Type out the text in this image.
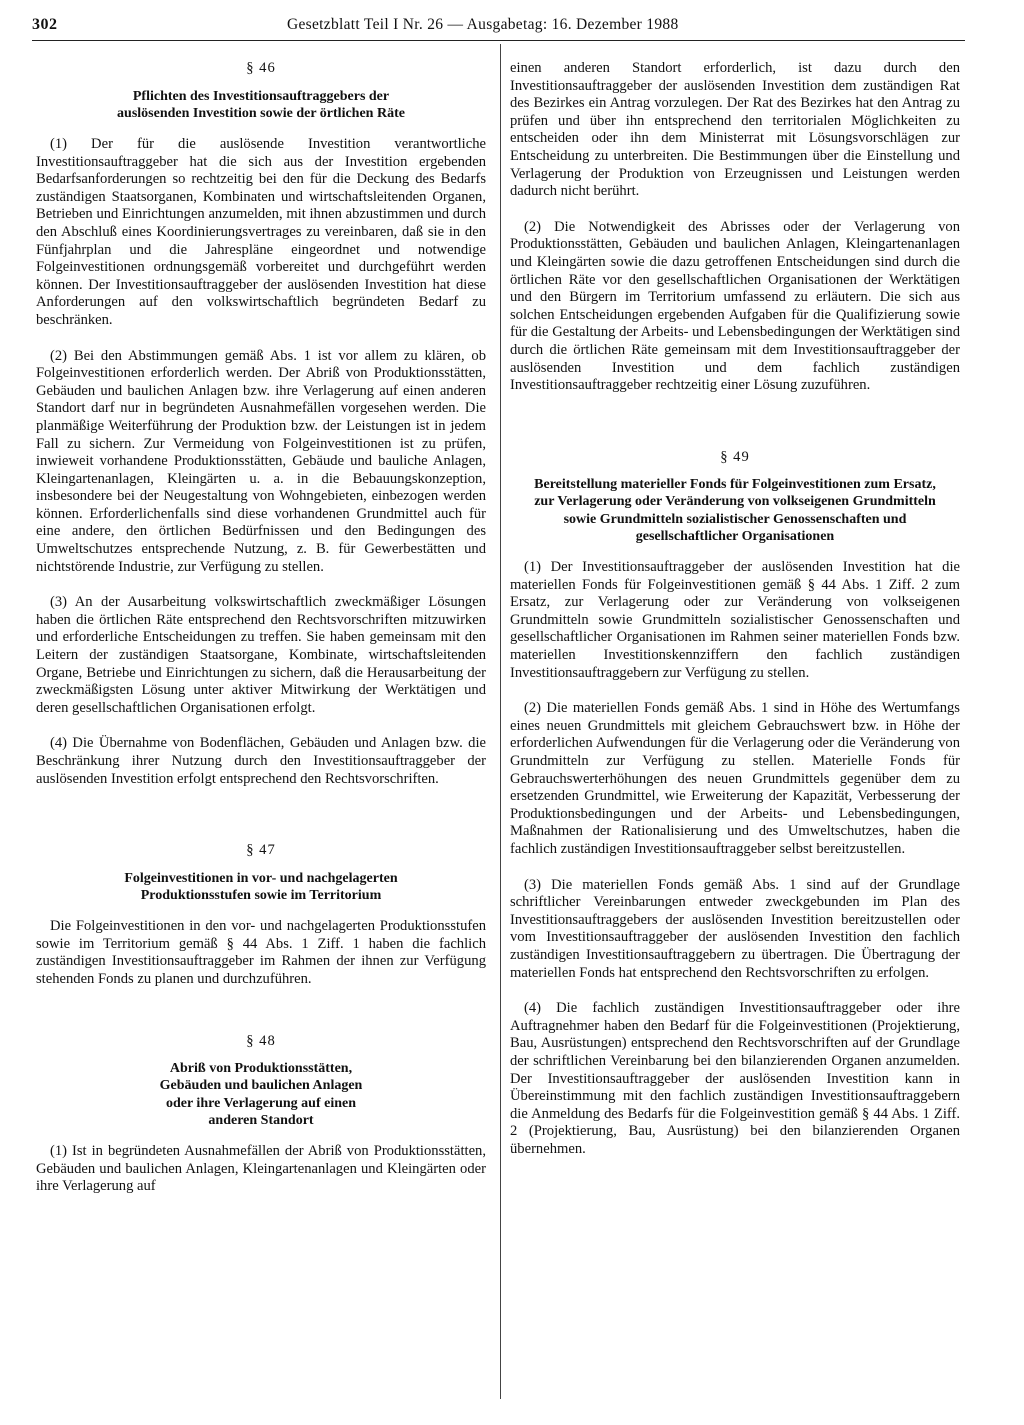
302	Gesetzblatt Teil I Nr. 26 — Ausgabetag: 16. Dezember 1988
§ 46
Pflichten des Investitionsauftraggebers der auslösenden Investition sowie der örtlichen Räte

(1) Der für die auslösende Investition verantwortliche Investitionsauftraggeber hat die sich aus der Investition ergebenden Bedarfsanforderungen so rechtzeitig bei den für die Deckung des Bedarfs zuständigen Staatsorganen, Kombinaten und wirtschaftsleitenden Organen, Betrieben und Einrichtungen anzumelden, mit ihnen abzustimmen und durch den Abschluß eines Koordinierungsvertrages zu vereinbaren, daß sie in den Fünfjahrplan und die Jahrespläne eingeordnet und notwendige Folgeinvestitionen ordnungsgemäß vorbereitet und durchgeführt werden können. Der Investitionsauftraggeber der auslösenden Investition hat diese Anforderungen auf den volkswirtschaftlich begründeten Bedarf zu beschränken.

(2) Bei den Abstimmungen gemäß Abs. 1 ist vor allem zu klären, ob Folgeinvestitionen erforderlich werden. Der Abriß von Produktionsstätten, Gebäuden und baulichen Anlagen bzw. ihre Verlagerung auf einen anderen Standort darf nur in begründeten Ausnahmefällen vorgesehen werden. Die planmäßige Weiterführung der Produktion bzw. der Leistungen ist in jedem Fall zu sichern. Zur Vermeidung von Folgeinvestitionen ist zu prüfen, inwieweit vorhandene Produktionsstätten, Gebäude und bauliche Anlagen, Kleingartenanlagen, Kleingärten u. a. in die Bebauungskonzeption, insbesondere bei der Neugestaltung von Wohngebieten, einbezogen werden können. Erforderlichenfalls sind diese vorhandenen Grundmittel auch für eine andere, den örtlichen Bedürfnissen und den Bedingungen des Umweltschutzes entsprechende Nutzung, z. B. für Gewerbestätten und nichtstörende Industrie, zur Verfügung zu stellen.

(3) An der Ausarbeitung volkswirtschaftlich zweckmäßiger Lösungen haben die örtlichen Räte entsprechend den Rechtsvorschriften mitzuwirken und erforderliche Entscheidungen zu treffen. Sie haben gemeinsam mit den Leitern der zuständigen Staatsorgane, Kombinate, wirtschaftsleitenden Organe, Betriebe und Einrichtungen zu sichern, daß die Herausarbeitung der zweckmäßigsten Lösung unter aktiver Mitwirkung der Werktätigen und deren gesellschaftlichen Organisationen erfolgt.

(4) Die Übernahme von Bodenflächen, Gebäuden und Anlagen bzw. die Beschränkung ihrer Nutzung durch den Investitionsauftraggeber der auslösenden Investition erfolgt entsprechend den Rechtsvorschriften.

§ 47
Folgeinvestitionen in vor- und nachgelagerten Produktionsstufen sowie im Territorium

Die Folgeinvestitionen in den vor- und nachgelagerten Produktionsstufen sowie im Territorium gemäß § 44 Abs. 1 Ziff. 1 haben die fachlich zuständigen Investitionsauftraggeber im Rahmen der ihnen zur Verfügung stehenden Fonds zu planen und durchzuführen.

§ 48
Abriß von Produktionsstätten, Gebäuden und baulichen Anlagen oder ihre Verlagerung auf einen anderen Standort

(1) Ist in begründeten Ausnahmefällen der Abriß von Produktionsstätten, Gebäuden und baulichen Anlagen, Kleingartenanlagen und Kleingärten oder ihre Verlagerung auf

einen anderen Standort erforderlich, ist dazu durch den Investitionsauftraggeber der auslösenden Investition dem zuständigen Rat des Bezirkes ein Antrag vorzulegen. Der Rat des Bezirkes hat den Antrag zu prüfen und über ihn entsprechend den territorialen Möglichkeiten zu entscheiden oder ihn dem Ministerrat mit Lösungsvorschlägen zur Entscheidung zu unterbreiten. Die Bestimmungen über die Einstellung und Verlagerung der Produktion von Erzeugnissen und Leistungen werden dadurch nicht berührt.

(2) Die Notwendigkeit des Abrisses oder der Verlagerung von Produktionsstätten, Gebäuden und baulichen Anlagen, Kleingartenanlagen und Kleingärten sowie die dazu getroffenen Entscheidungen sind durch die örtlichen Räte vor den gesellschaftlichen Organisationen der Werktätigen und den Bürgern im Territorium umfassend zu erläutern. Die sich aus solchen Entscheidungen ergebenden Aufgaben für die Qualifizierung sowie für die Gestaltung der Arbeits- und Lebensbedingungen der Werktätigen sind durch die örtlichen Räte gemeinsam mit dem Investitionsauftraggeber der auslösenden Investition und dem fachlich zuständigen Investitionsauftraggeber rechtzeitig einer Lösung zuzuführen.

§ 49
Bereitstellung materieller Fonds für Folgeinvestitionen zum Ersatz, zur Verlagerung oder Veränderung von volkseigenen Grundmitteln sowie Grundmitteln sozialistischer Genossenschaften und gesellschaftlicher Organisationen

(1) Der Investitionsauftraggeber der auslösenden Investition hat die materiellen Fonds für Folgeinvestitionen gemäß § 44 Abs. 1 Ziff. 2 zum Ersatz, zur Verlagerung oder zur Veränderung von volkseigenen Grundmitteln sowie Grundmitteln sozialistischer Genossenschaften und gesellschaftlicher Organisationen im Rahmen seiner materiellen Fonds bzw. materiellen Investitionskennziffern den fachlich zuständigen Investitionsauftraggebern zur Verfügung zu stellen.

(2) Die materiellen Fonds gemäß Abs. 1 sind in Höhe des Wertumfangs eines neuen Grundmittels mit gleichem Gebrauchswert bzw. in Höhe der erforderlichen Aufwendungen für die Verlagerung oder die Veränderung von Grundmitteln zur Verfügung zu stellen. Materielle Fonds für Gebrauchswerterhöhungen des neuen Grundmittels gegenüber dem zu ersetzenden Grundmittel, wie Erweiterung der Kapazität, Verbesserung der Produktionsbedingungen und der Arbeits- und Lebensbedingungen, Maßnahmen der Rationalisierung und des Umweltschutzes, haben die fachlich zuständigen Investitionsauftraggeber selbst bereitzustellen.

(3) Die materiellen Fonds gemäß Abs. 1 sind auf der Grundlage schriftlicher Vereinbarungen entweder zweckgebunden im Plan des Investitionsauftraggebers der auslösenden Investition bereitzustellen oder vom Investitionsauftraggeber der auslösenden Investition den fachlich zuständigen Investitionsauftraggebern zu übertragen. Die Übertragung der materiellen Fonds hat entsprechend den Rechtsvorschriften zu erfolgen.

(4) Die fachlich zuständigen Investitionsauftraggeber oder ihre Auftragnehmer haben den Bedarf für die Folgeinvestitionen (Projektierung, Bau, Ausrüstungen) entsprechend den Rechtsvorschriften auf der Grundlage der schriftlichen Vereinbarung bei den bilanzierenden Organen anzumelden. Der Investitionsauftraggeber der auslösenden Investition kann in Übereinstimmung mit den fachlich zuständigen Investitionsauftraggebern die Anmeldung des Bedarfs für die Folgeinvestition gemäß § 44 Abs. 1 Ziff. 2 (Projektierung, Bau, Ausrüstung) bei den bilanzierenden Organen übernehmen.
